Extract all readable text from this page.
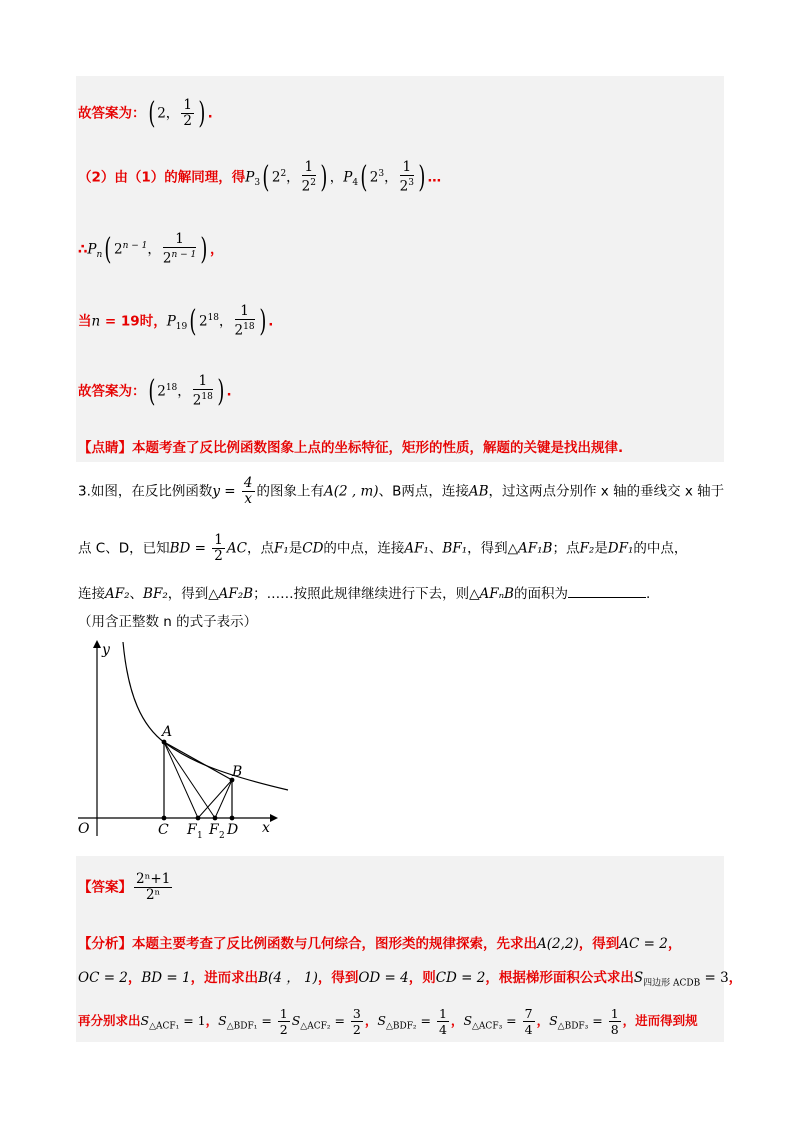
故答案为：( 2， $\frac{1}{2}$ ) .
（2）由（1）的解同理，得$P_3$( $2^2$， $\frac{1}{2^2}$ ) ，$P_4$( $2^3$， $\frac{1}{2^3}$ ) …
$\therefore P_n$( $2^{n - 1}$， $\frac{1}{2^{n - 1}}$ ) ，
当n = 19时，$P_{19}$( $2^{18}$， $\frac{1}{2^{18}}$ ) .
故答案为：( $2^{18}$， $\frac{1}{2^{18}}$ ) .
【点睛】本题考查了反比例函数图象上点的坐标特征，矩形的性质，解题的关键是找出规律.
3.如图，在反比例函数$y = \frac{4}{x}$ 的图象上有A(2 , m)、B两点，连接AB，过这两点分别作 x 轴的垂线交 x 轴于
点 C、D，已知BD = $\frac{1}{2}$ AC，点F₁是CD的中点，连接AF₁、BF₁，得到△AF₁B；点F₂是DF₁的中点，
连接AF₂、BF₂，得到△AF₂B；……按照此规律继续进行下去，则△AFₙB的面积为	.
（用含正整数 n 的式子表示）
y
x
O
A
B
C F 1 F 2 D
【答案】 $\frac{\text{2ⁿ+1}}{\text{2ⁿ}}$
【分析】本题主要考查了反比例函数与几何综合，图形类的规律探索，先求出A(2,2)，得到AC = 2，
OC = 2，BD = 1，进而求出B(4 ， 1)，得到OD = 4，则CD = 2，根据梯形面积公式求出$S_{四边形 ACDB} = 3$，
再分别求出$S_{\triangle ACF_1} = 1$，$S_{\triangle BDF_1} = \frac{1}{2} S_{\triangle ACF_2} = \frac{3}{2}$ ，$S_{\triangle BDF_2} = \frac{1}{4}$ ，$S_{\triangle ACF_3} = \frac{7}{4}$ ，$S_{\triangle BDF_3} = \frac{1}{8}$ ，进而得到规
